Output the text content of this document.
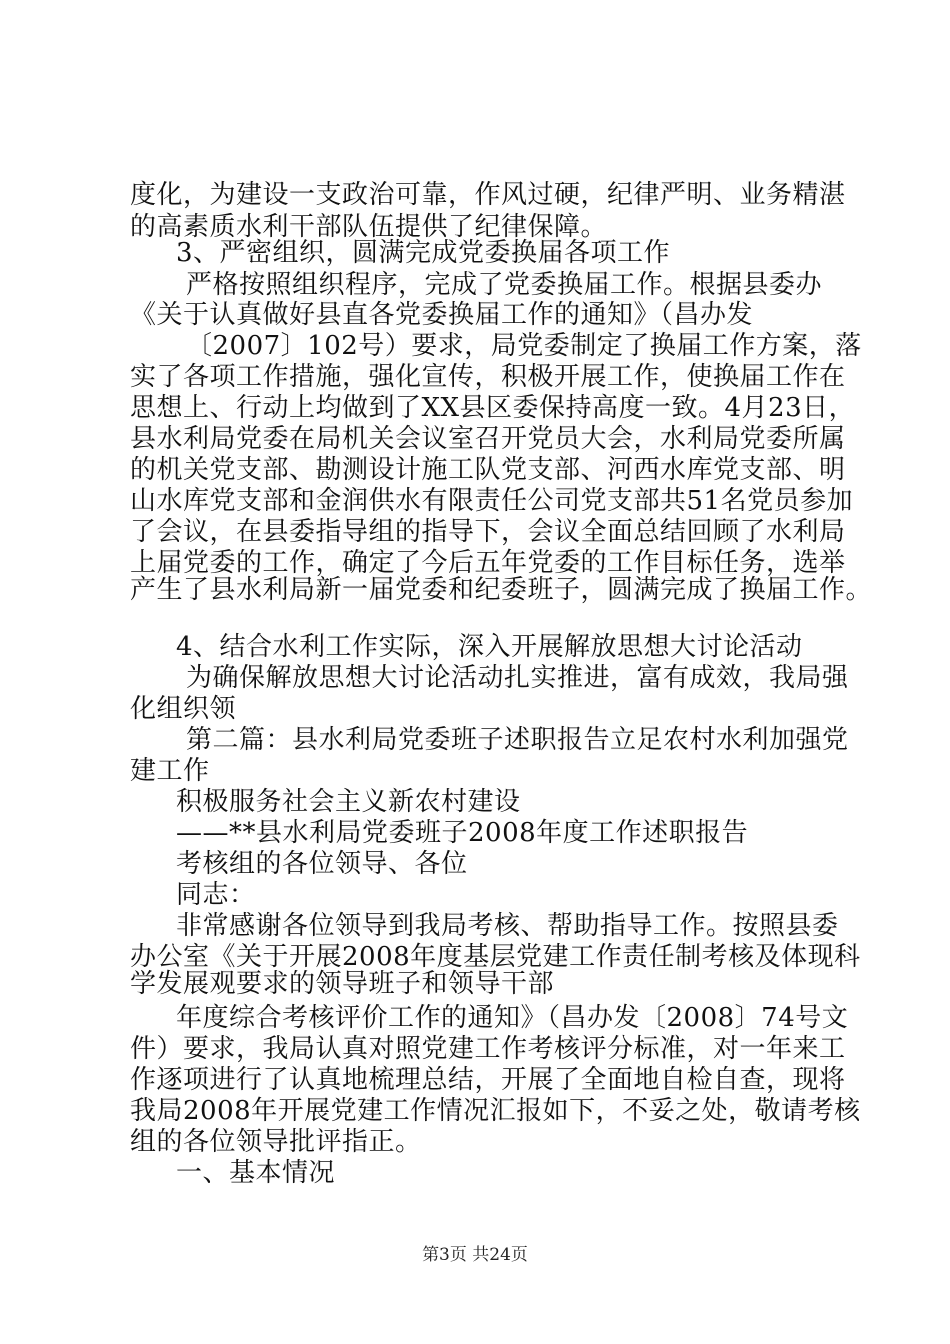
度化，为建设一支政治可靠，作风过硬，纪律严明、业务精湛
的高素质水利干部队伍提供了纪律保障。
3、严密组织，圆满完成党委换届各项工作
严格按照组织程序，完成了党委换届工作。根据县委办
《关于认真做好县直各党委换届工作的通知》（昌办发
〔2007〕102号）要求，局党委制定了换届工作方案，落
实了各项工作措施，强化宣传，积极开展工作，使换届工作在
思想上、行动上均做到了XX县区委保持高度一致。4月23日，
县水利局党委在局机关会议室召开党员大会，水利局党委所属
的机关党支部、勘测设计施工队党支部、河西水库党支部、明
山水库党支部和金润供水有限责任公司党支部共51名党员参加
了会议，在县委指导组的指导下，会议全面总结回顾了水利局
上届党委的工作，确定了今后五年党委的工作目标任务，选举
产生了县水利局新一届党委和纪委班子，圆满完成了换届工作。
4、结合水利工作实际，深入开展解放思想大讨论活动
为确保解放思想大讨论活动扎实推进，富有成效，我局强
化组织领
第二篇：县水利局党委班子述职报告立足农村水利加强党
建工作
积极服务社会主义新农村建设
——**县水利局党委班子2008年度工作述职报告
考核组的各位领导、各位
同志：
非常感谢各位领导到我局考核、帮助指导工作。按照县委
办公室《关于开展2008年度基层党建工作责任制考核及体现科
学发展观要求的领导班子和领导干部
年度综合考核评价工作的通知》（昌办发〔2008〕74号文
件）要求，我局认真对照党建工作考核评分标准，对一年来工
作逐项进行了认真地梳理总结，开展了全面地自检自查，现将
我局2008年开展党建工作情况汇报如下，不妥之处，敬请考核
组的各位领导批评指正。
一、基本情况
第3页 共24页
